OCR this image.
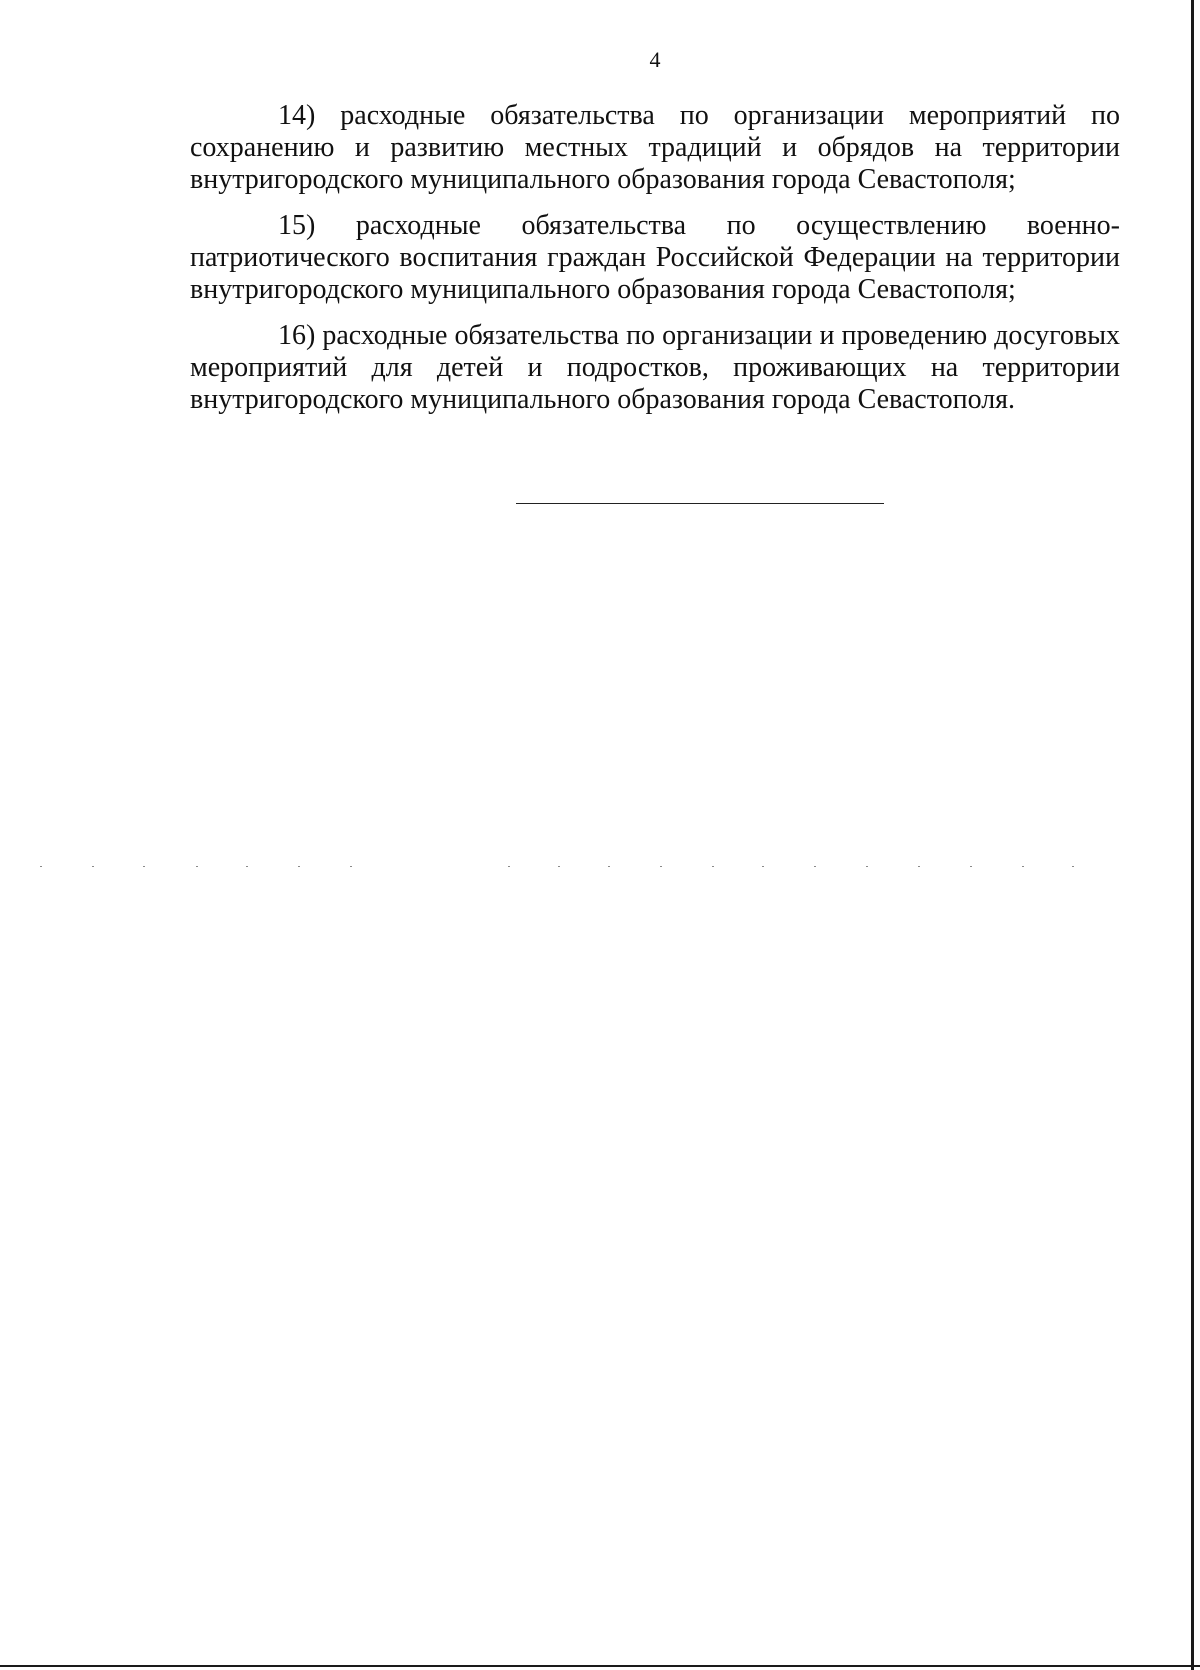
4

14) расходные обязательства по организации мероприятий по сохранению и развитию местных традиций и обрядов на территории внутригородского муниципального образования города Севастополя;

15) расходные обязательства по осуществлению военно-патриотического воспитания граждан Российской Федерации на территории внутригородского муниципального образования города Севастополя;

16) расходные обязательства по организации и проведению досуговых мероприятий для детей и подростков, проживающих на территории внутригородского муниципального образования города Севастополя.
